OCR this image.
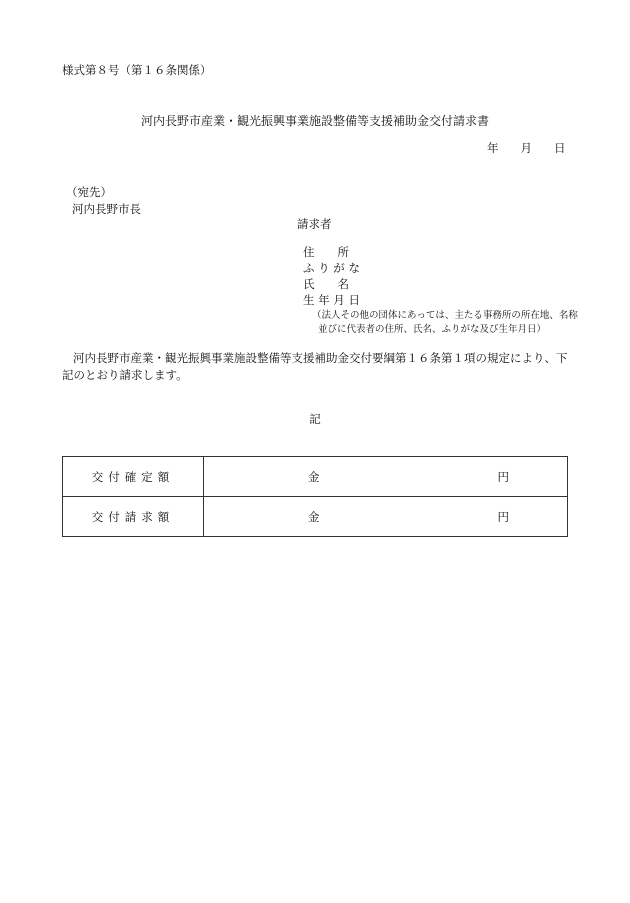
様式第８号（第１６条関係）
河内長野市産業・観光振興事業施設整備等支援補助金交付請求書
年 月 日
（宛先）
河内長野市長
請求者
住　　所
ふ り が な
氏　　名
生 年 月 日
（法人その他の団体にあっては、主たる事務所の所在地、名称
並びに代表者の住所、氏名、ふりがな及び生年月日）
河内長野市産業・観光振興事業施設整備等支援補助金交付要綱第１６条第１項の規定により、下記のとおり請求します。
記
交付確定額	金 円

交付請求額	金 円
